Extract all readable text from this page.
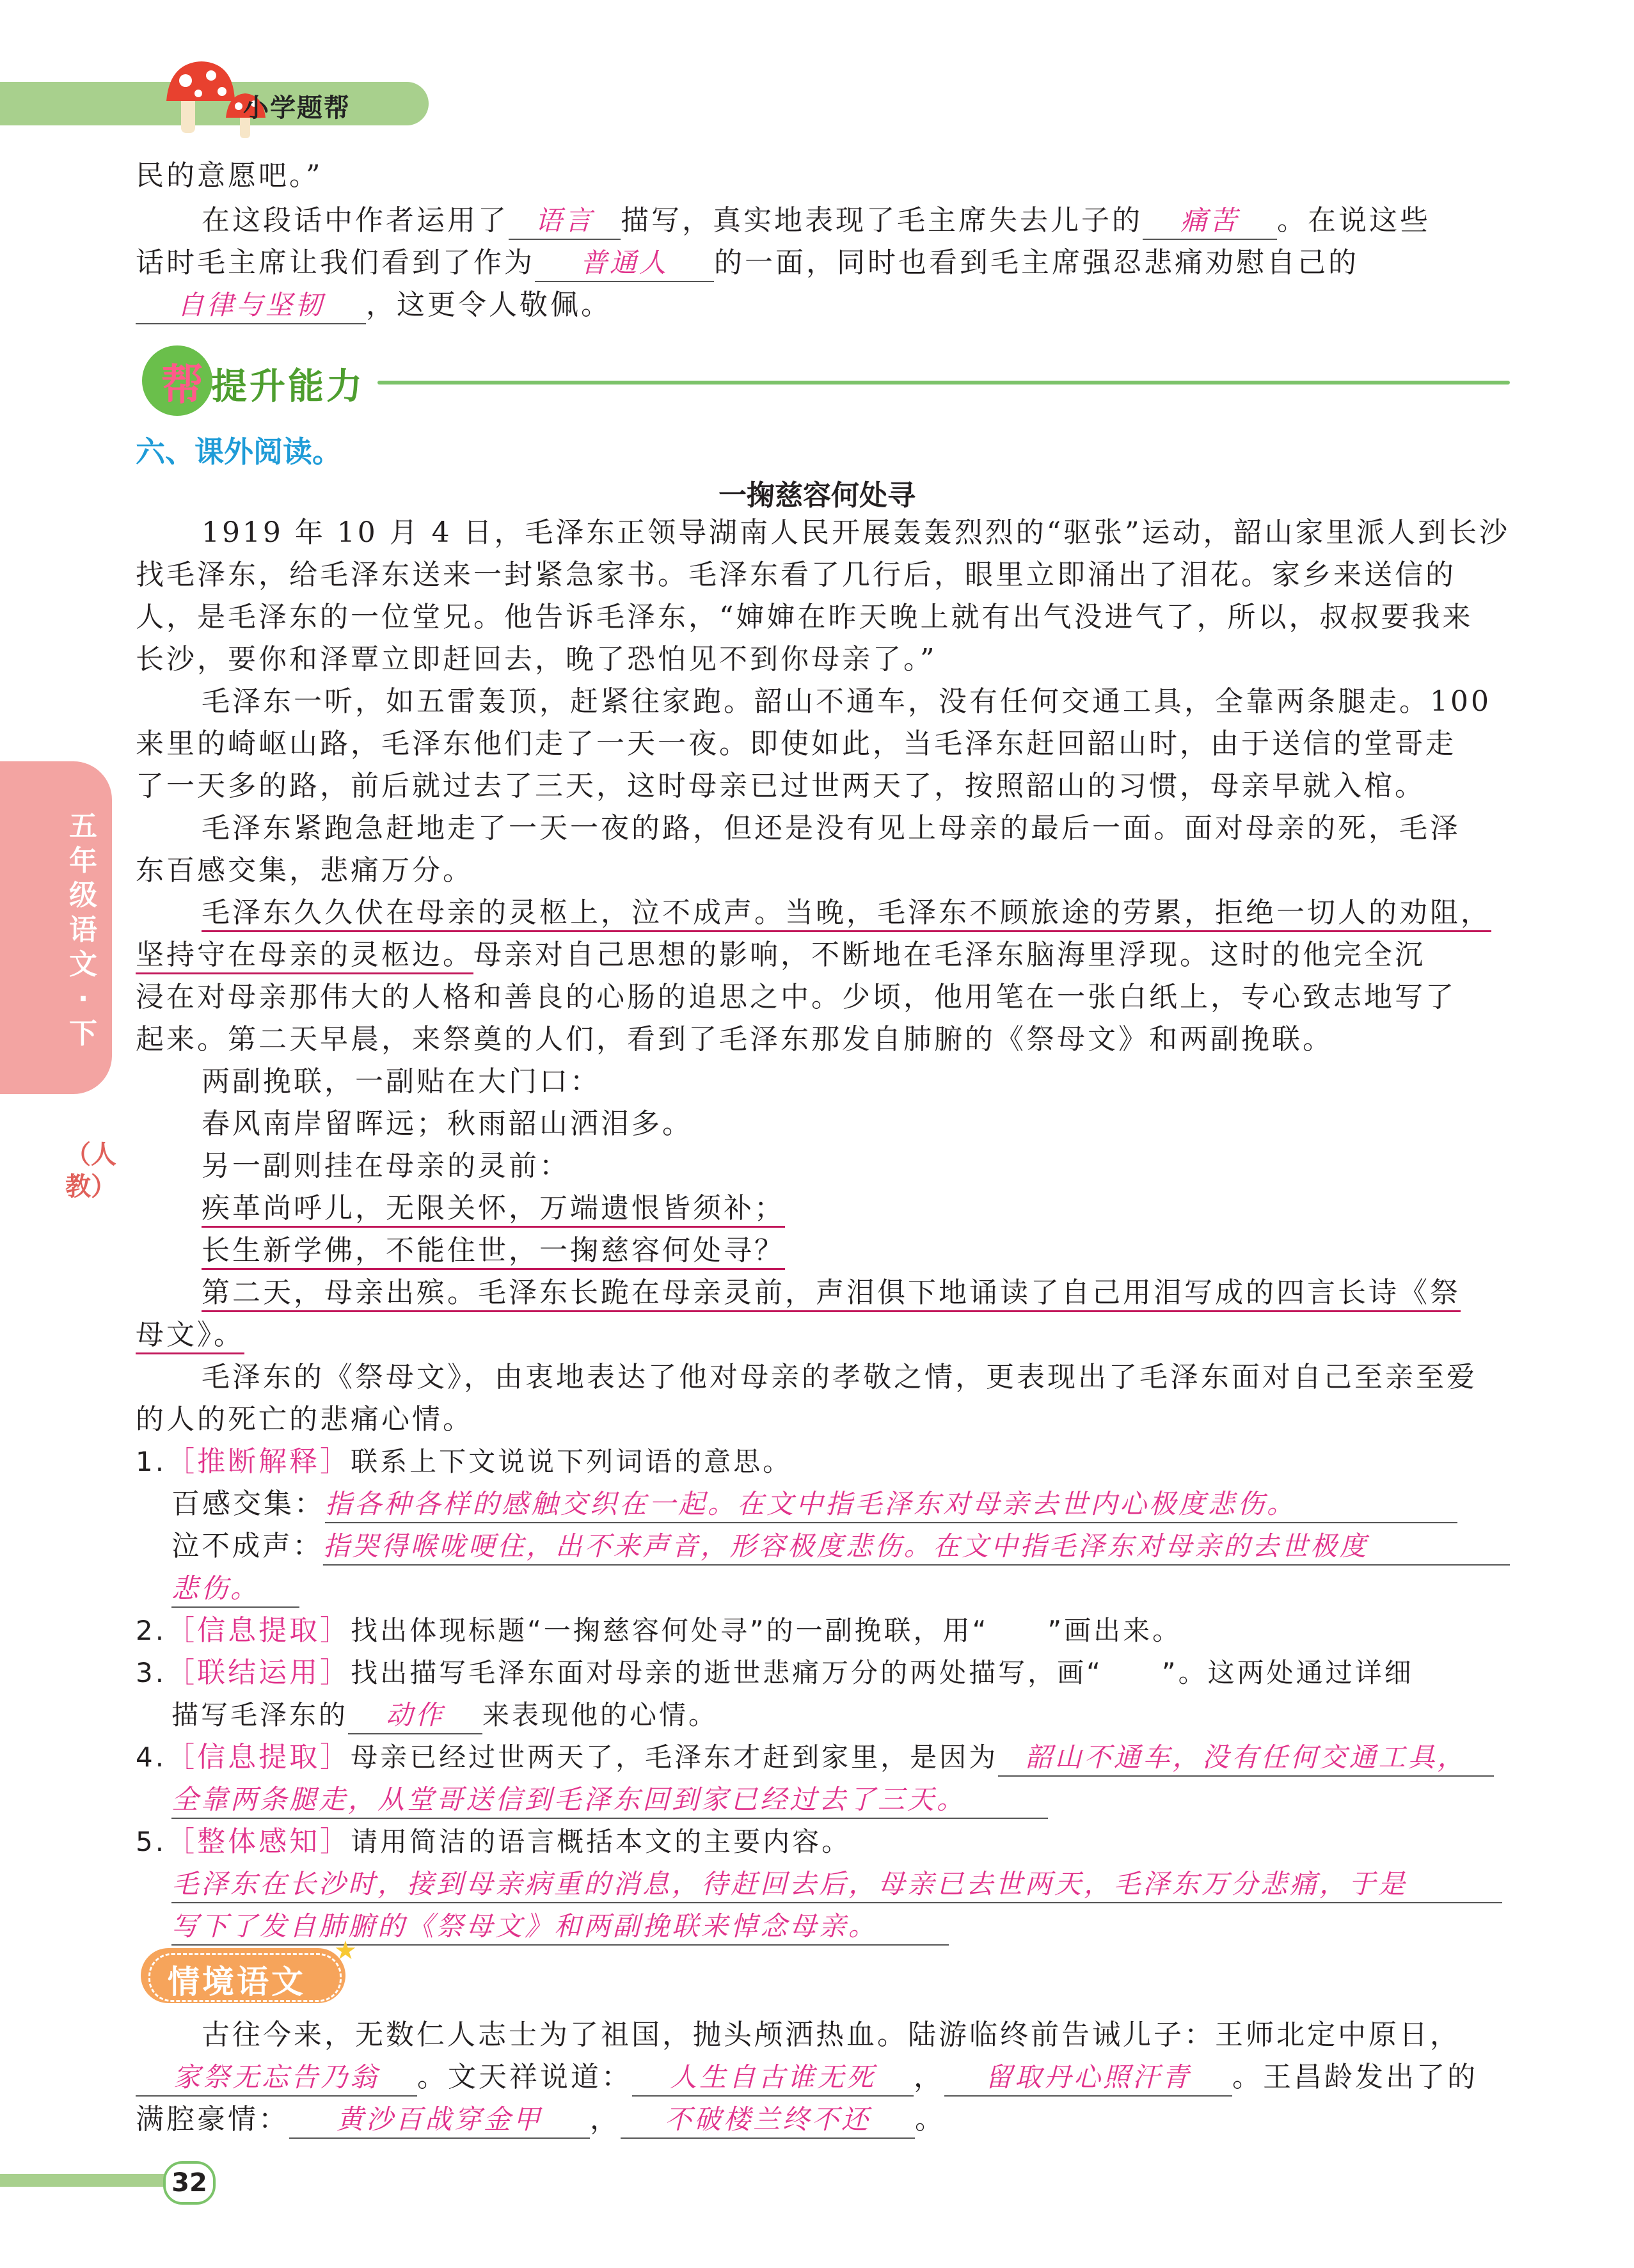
小学题帮
五年级语文·下
（人教）
民的意愿吧。”
在这段话中作者运用了 语言 描写，真实地表现了毛主席失去儿子的 痛苦 。在说这些
话时毛主席让我们看到了作为 普通人 的一面，同时也看到毛主席强忍悲痛劝慰自己的
自律与坚韧 ，这更令人敬佩。
帮 提升能力
六、课外阅读。
一掬慈容何处寻
1919 年 10 月 4 日，毛泽东正领导湖南人民开展轰轰烈烈的“驱张”运动，韶山家里派人到长沙
找毛泽东，给毛泽东送来一封紧急家书。毛泽东看了几行后，眼里立即涌出了泪花。家乡来送信的
人，是毛泽东的一位堂兄。他告诉毛泽东，“婶婶在昨天晚上就有出气没进气了，所以，叔叔要我来
长沙，要你和泽覃立即赶回去，晚了恐怕见不到你母亲了。”
毛泽东一听，如五雷轰顶，赶紧往家跑。韶山不通车，没有任何交通工具，全靠两条腿走。100
来里的崎岖山路，毛泽东他们走了一天一夜。即使如此，当毛泽东赶回韶山时，由于送信的堂哥走
了一天多的路，前后就过去了三天，这时母亲已过世两天了，按照韶山的习惯，母亲早就入棺。
毛泽东紧跑急赶地走了一天一夜的路，但还是没有见上母亲的最后一面。面对母亲的死，毛泽
东百感交集，悲痛万分。
毛泽东久久伏在母亲的灵柩上，泣不成声。当晚，毛泽东不顾旅途的劳累，拒绝一切人的劝阻，
坚持守在母亲的灵柩边。母亲对自己思想的影响，不断地在毛泽东脑海里浮现。这时的他完全沉
浸在对母亲那伟大的人格和善良的心肠的追思之中。少顷，他用笔在一张白纸上，专心致志地写了
起来。第二天早晨，来祭奠的人们，看到了毛泽东那发自肺腑的《祭母文》和两副挽联。
两副挽联，一副贴在大门口：
春风南岸留晖远；秋雨韶山洒泪多。
另一副则挂在母亲的灵前：
疾革尚呼儿，无限关怀，万端遗恨皆须补；
长生新学佛，不能住世，一掬慈容何处寻？
第二天，母亲出殡。毛泽东长跪在母亲灵前，声泪俱下地诵读了自己用泪写成的四言长诗《祭
母文》。
毛泽东的《祭母文》，由衷地表达了他对母亲的孝敬之情，更表现出了毛泽东面对自己至亲至爱
的人的死亡的悲痛心情。
1.［推断解释］联系上下文说说下列词语的意思。
百感交集：指各种各样的感触交织在一起。在文中指毛泽东对母亲去世内心极度悲伤。
泣不成声：指哭得喉咙哽住，出不来声音，形容极度悲伤。在文中指毛泽东对母亲的去世极度
悲伤。
2.［信息提取］找出体现标题“一掬慈容何处寻”的一副挽联，用“　　”画出来。
3.［联结运用］找出描写毛泽东面对母亲的逝世悲痛万分的两处描写，画“　　”。这两处通过详细
描写毛泽东的 动作 来表现他的心情。
4.［信息提取］母亲已经过世两天了，毛泽东才赶到家里，是因为 韶山不通车，没有任何交通工具，
全靠两条腿走，从堂哥送信到毛泽东回到家已经过去了三天。
5.［整体感知］请用简洁的语言概括本文的主要内容。
毛泽东在长沙时，接到母亲病重的消息，待赶回去后，母亲已去世两天，毛泽东万分悲痛，于是
写下了发自肺腑的《祭母文》和两副挽联来悼念母亲。
情境语文
★
古往今来，无数仁人志士为了祖国，抛头颅洒热血。陆游临终前告诫儿子：王师北定中原日，
家祭无忘告乃翁 。文天祥说道： 人生自古谁无死 ， 留取丹心照汗青 。王昌龄发出了的
满腔豪情： 黄沙百战穿金甲 ， 不破楼兰终不还 。
32
